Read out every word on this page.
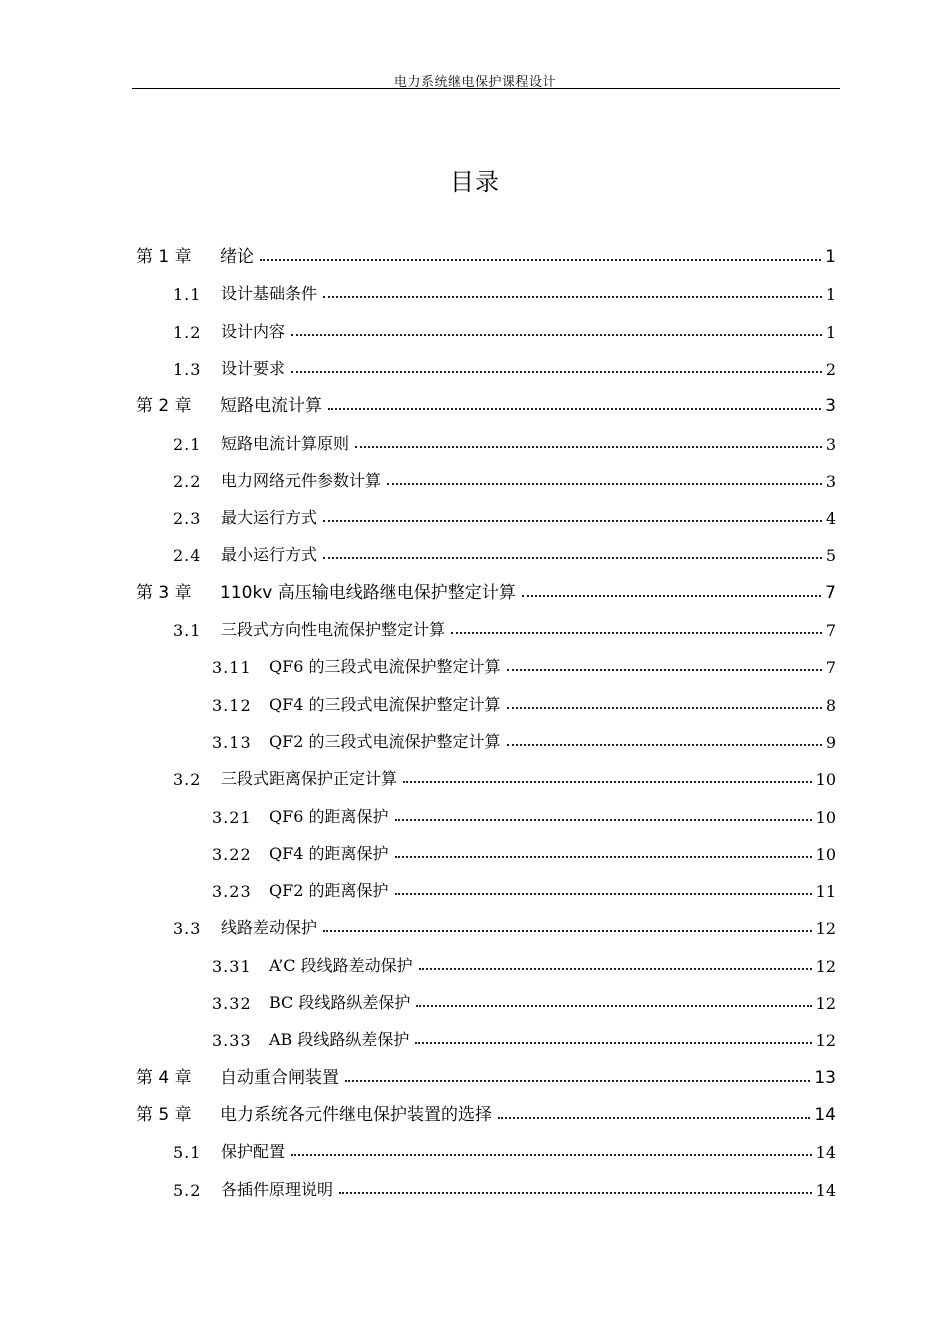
电力系统继电保护课程设计
目录
第 1 章	绪论	1
1.1	设计基础条件	1
1.2	设计内容	1
1.3	设计要求	2
第 2 章	短路电流计算	3
2.1	短路电流计算原则	3
2.2	电力网络元件参数计算	3
2.3	最大运行方式	4
2.4	最小运行方式	5
第 3 章	110kv 高压输电线路继电保护整定计算	7
3.1	三段式方向性电流保护整定计算	7
3.11	QF6 的三段式电流保护整定计算	7
3.12	QF4 的三段式电流保护整定计算	8
3.13	QF2 的三段式电流保护整定计算	9
3.2	三段式距离保护正定计算	10
3.21	QF6 的距离保护	10
3.22	QF4 的距离保护	10
3.23	QF2 的距离保护	11
3.3	线路差动保护	12
3.31	A’C 段线路差动保护	12
3.32	BC 段线路纵差保护	12
3.33	AB 段线路纵差保护	12
第 4 章	自动重合闸装置	13
第 5 章	电力系统各元件继电保护装置的选择	14
5.1	保护配置	14
5.2	各插件原理说明	14
